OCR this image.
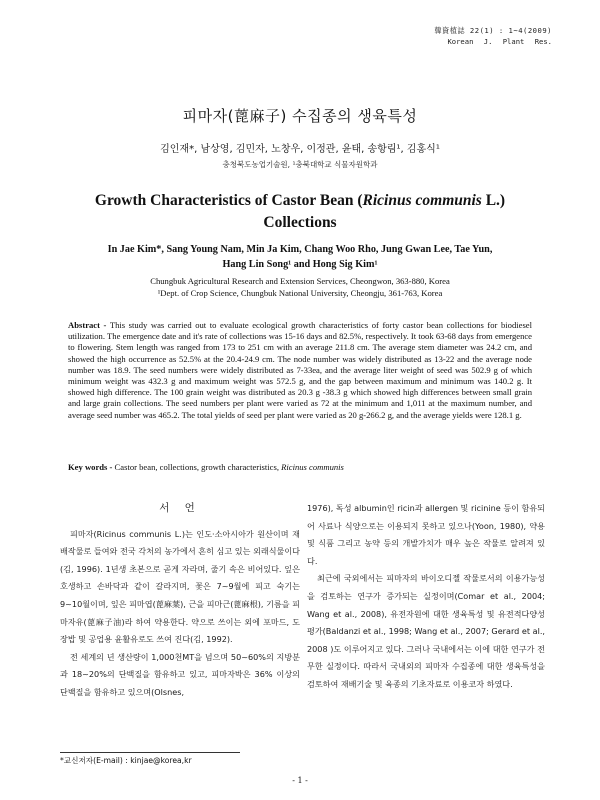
韓資植誌 22(1) : 1~4(2009)
Korean J. Plant Res.
피마자(蓖麻子) 수집종의 생육특성
김인재*, 남상영, 김민자, 노창우, 이정관, 윤태, 송항림¹, 김홍식¹
충청북도농업기술원, ¹충북대학교 식물자원학과
Growth Characteristics of Castor Bean (Ricinus communis L.)
Collections
In Jae Kim*, Sang Young Nam, Min Ja Kim, Chang Woo Rho, Jung Gwan Lee, Tae Yun,
Hang Lin Song¹ and Hong Sig Kim¹
Chungbuk Agricultural Research and Extension Services, Cheongwon, 363-880, Korea
¹Dept. of Crop Science, Chungbuk National University, Cheongju, 361-763, Korea
Abstract - This study was carried out to evaluate ecological growth characteristics of forty castor bean collections for biodiesel utilization. The emergence date and it's rate of collections was 15-16 days and 82.5%, respectively. It took 63-68 days from emergence to flowering. Stem length was ranged from 173 to 251 cm with an average 211.8 cm. The average stem diameter was 24.2 cm, and showed the high occurrence as 52.5% at the 20.4-24.9 cm. The node number was widely distributed as 13-22 and the average node number was 18.9. The seed numbers were widely distributed as 7-33ea, and the average liter weight of seed was 502.9 g of which minimum weight was 432.3 g and maximum weight was 572.5 g, and the gap between maximum and minimum was 140.2 g. It showed high difference. The 100 grain weight was distributed as 20.3 g -38.3 g which showed high differences between small grain and large grain collections. The seed numbers per plant were varied as 72 at the minimum and 1,011 at the maximum number, and average seed number was 465.2. The total yields of seed per plant were varied as 20 g-266.2 g, and the average yields were 128.1 g.
Key words - Castor bean, collections, growth characteristics, Ricinus communis
서 언

피마자(Ricinus communis L.)는 인도·소아시아가 원산이며 재배작물로 들여와 전국 각처의 농가에서 흔히 심고 있는 외래식물이다(김, 1996). 1년생 초본으로 곧게 자라며, 줄기 속은 비어있다. 잎은 호생하고 손바닥과 같이 갈라지며, 꽃은 7~9월에 피고 숙기는 9~10월이며, 잎은 피마엽(蓖麻葉), 근을 피마근(蓖麻根), 기름을 피마자유(蓖麻子油)라 하여 약용한다. 약으로 쓰이는 외에 포마드, 도장밥 및 공업용 윤활유로도 쓰여 진다(김, 1992).

전 세계의 년 생산량이 1,000천MT을 넘으며 50~60%의 지방분과 18~20%의 단백질을 함유하고 있고, 피마자박은 36% 이상의 단백질을 함유하고 있으며(Olsnes,

1976), 독성 albumin인 ricin과 allergen 및 ricinine 등이 함유되어 사료나 식양으로는 이용되지 못하고 있으나(Yoon, 1980), 약용 및 식품 그리고 농약 등의 개발가치가 매우 높은 작물로 알려져 있다.

최근에 국외에서는 피마자의 바이오디젤 작물로서의 이용가능성을 검토하는 연구가 증가되는 실정이며(Comar et al., 2004; Wang et al., 2008), 유전자원에 대한 생육특성 및 유전적다양성 평가(Baldanzi et al., 1998; Wang et al., 2007; Gerard et al., 2008 )도 이루어지고 있다. 그러나 국내에서는 이에 대한 연구가 전무한 실정이다. 따라서 국내외의 피마자 수집종에 대한 생육특성을 검토하여 재배기술 및 육종의 기초자료로 이용코자 하였다.

*교신저자(E-mail) : kinjae@korea,kr
- 1 -
